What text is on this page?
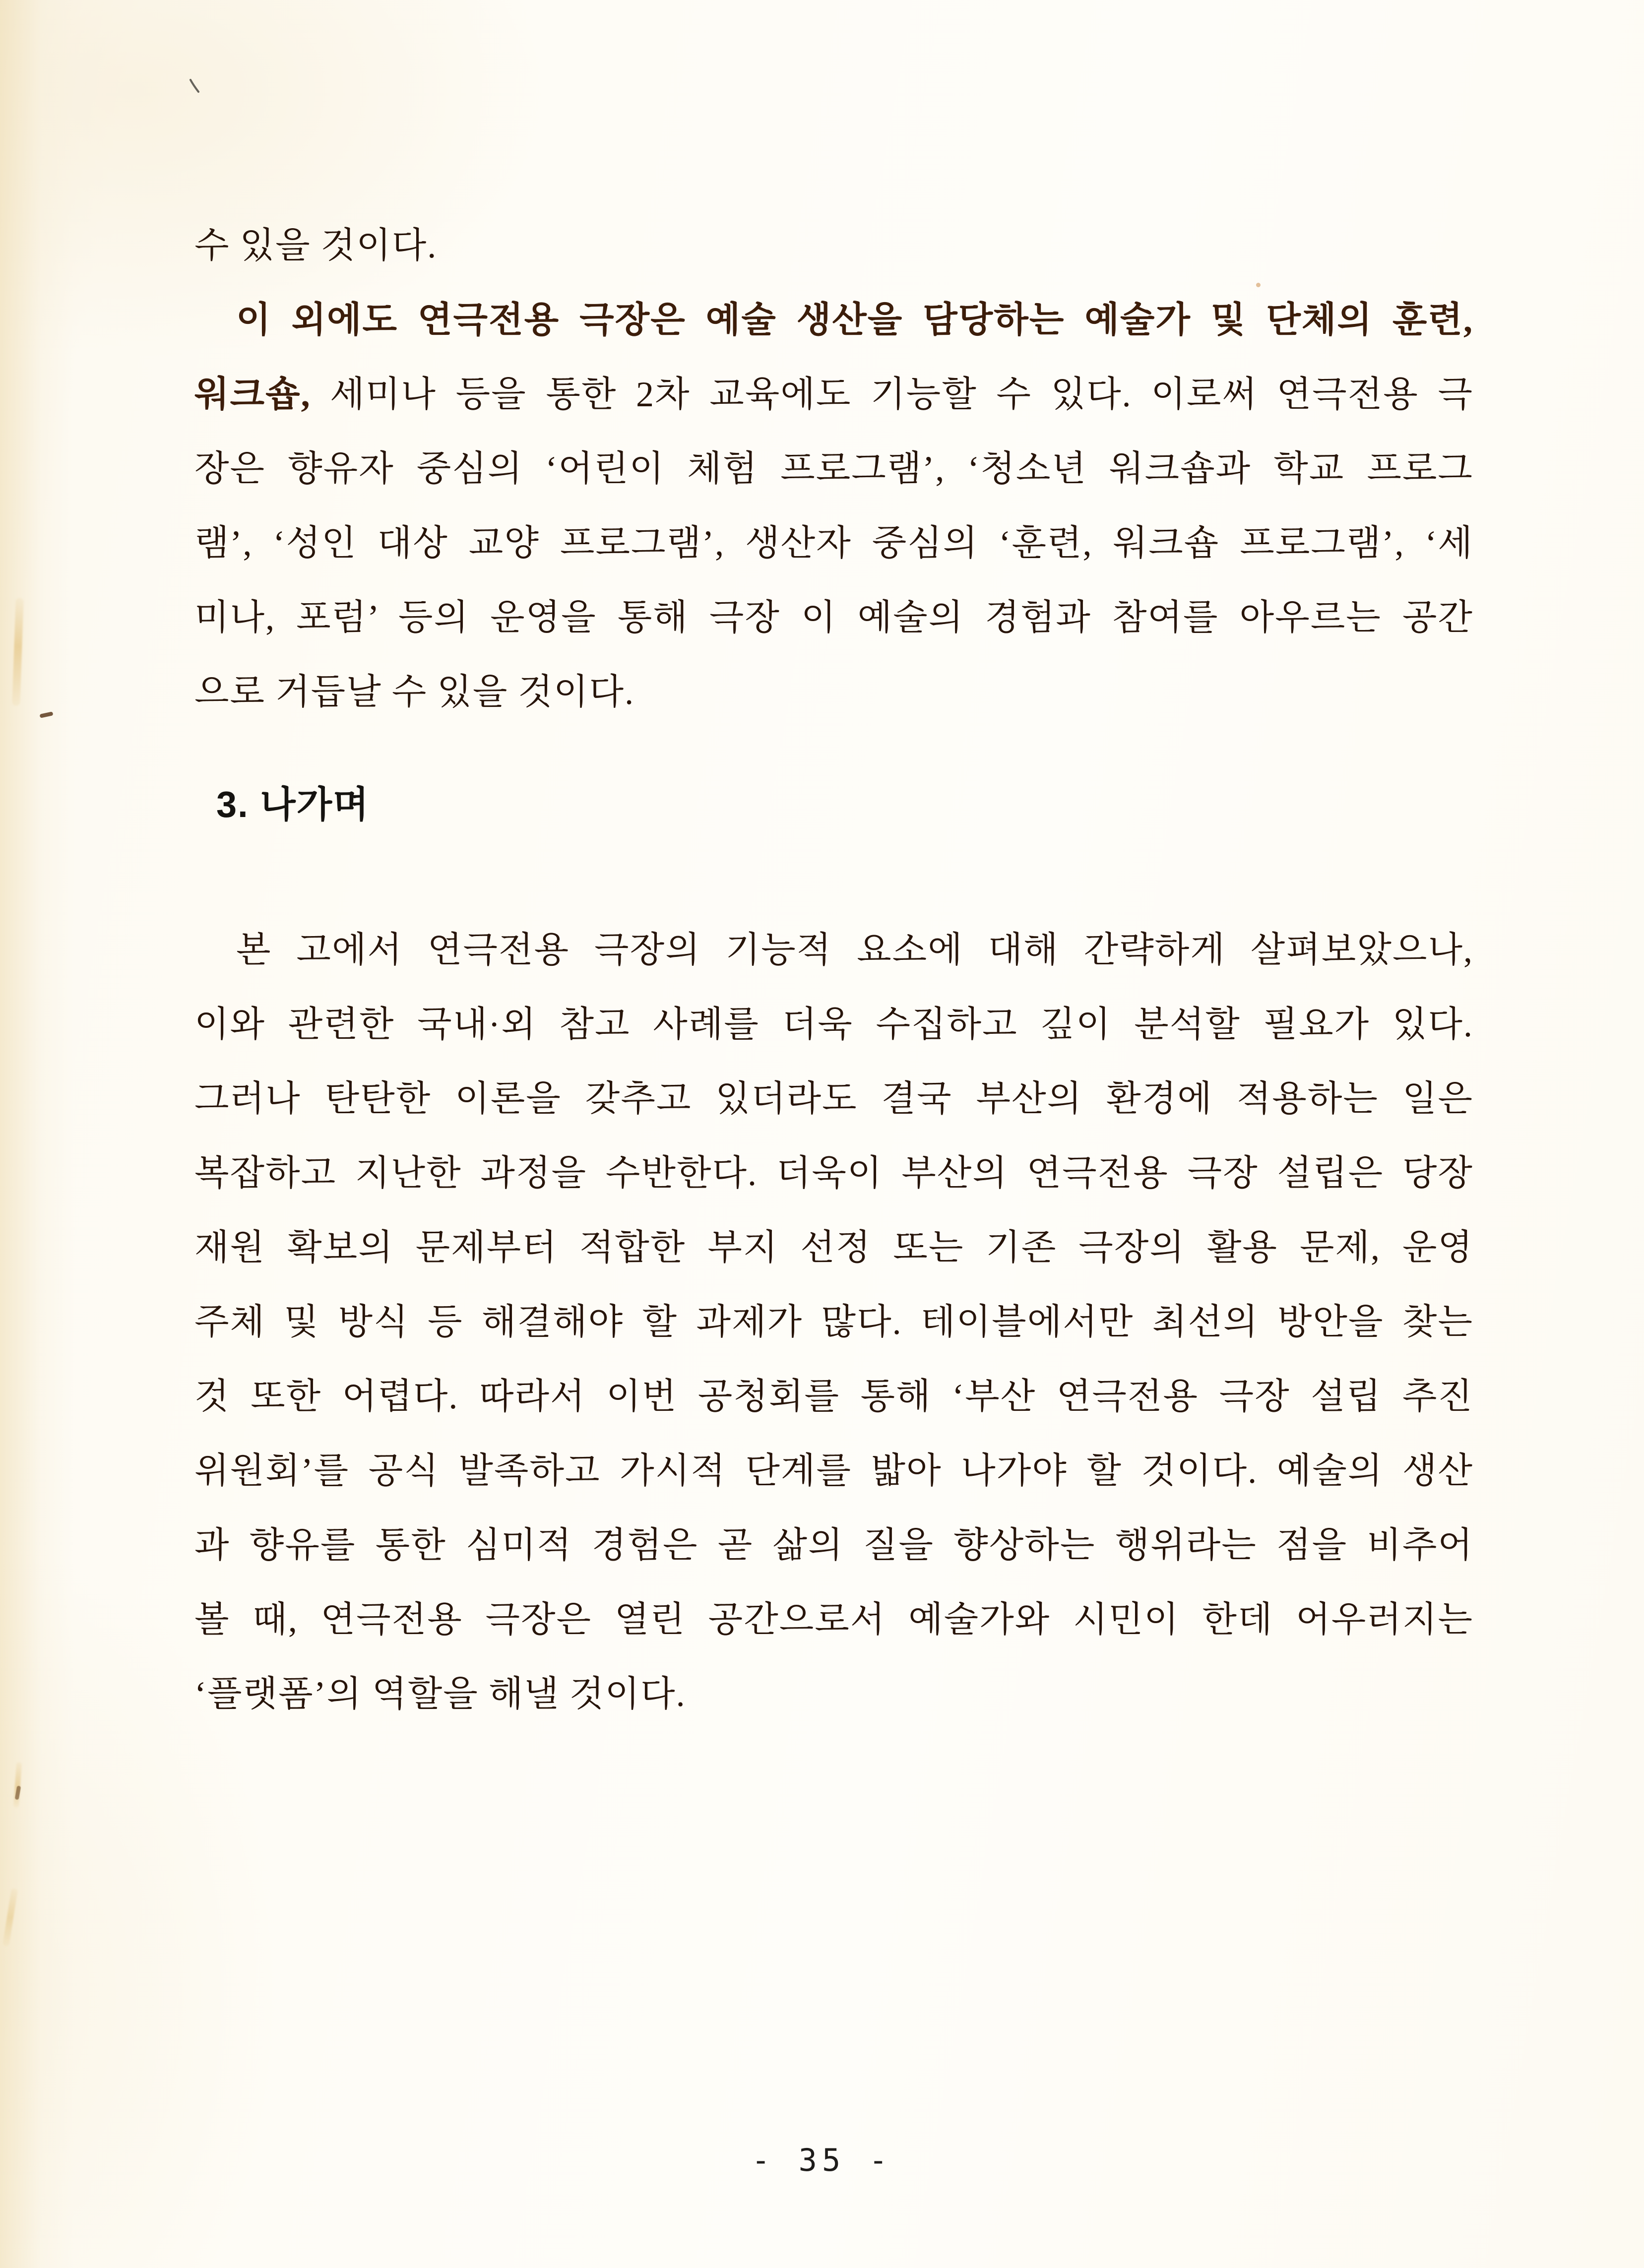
수 있을 것이다.
이 외에도 연극전용 극장은 예술 생산을 담당하는 예술가 및 단체의 훈련,
워크숍, 세미나 등을 통한 2차 교육에도 기능할 수 있다. 이로써 연극전용 극
장은 향유자 중심의 ‘어린이 체험 프로그램’, ‘청소년 워크숍과 학교 프로그
램’, ‘성인 대상 교양 프로그램’, 생산자 중심의 ‘훈련, 워크숍 프로그램’, ‘세
미나, 포럼’ 등의 운영을 통해 극장 이 예술의 경험과 참여를 아우르는 공간
으로 거듭날 수 있을 것이다.
3. 나가며
본 고에서 연극전용 극장의 기능적 요소에 대해 간략하게 살펴보았으나,
이와 관련한 국내·외 참고 사례를 더욱 수집하고 깊이 분석할 필요가 있다.
그러나 탄탄한 이론을 갖추고 있더라도 결국 부산의 환경에 적용하는 일은
복잡하고 지난한 과정을 수반한다. 더욱이 부산의 연극전용 극장 설립은 당장
재원 확보의 문제부터 적합한 부지 선정 또는 기존 극장의 활용 문제, 운영
주체 및 방식 등 해결해야 할 과제가 많다. 테이블에서만 최선의 방안을 찾는
것 또한 어렵다. 따라서 이번 공청회를 통해 ‘부산 연극전용 극장 설립 추진
위원회’를 공식 발족하고 가시적 단계를 밟아 나가야 할 것이다. 예술의 생산
과 향유를 통한 심미적 경험은 곧 삶의 질을 향상하는 행위라는 점을 비추어
볼 때, 연극전용 극장은 열린 공간으로서 예술가와 시민이 한데 어우러지는
‘플랫폼’의 역할을 해낼 것이다.
- 35 -
